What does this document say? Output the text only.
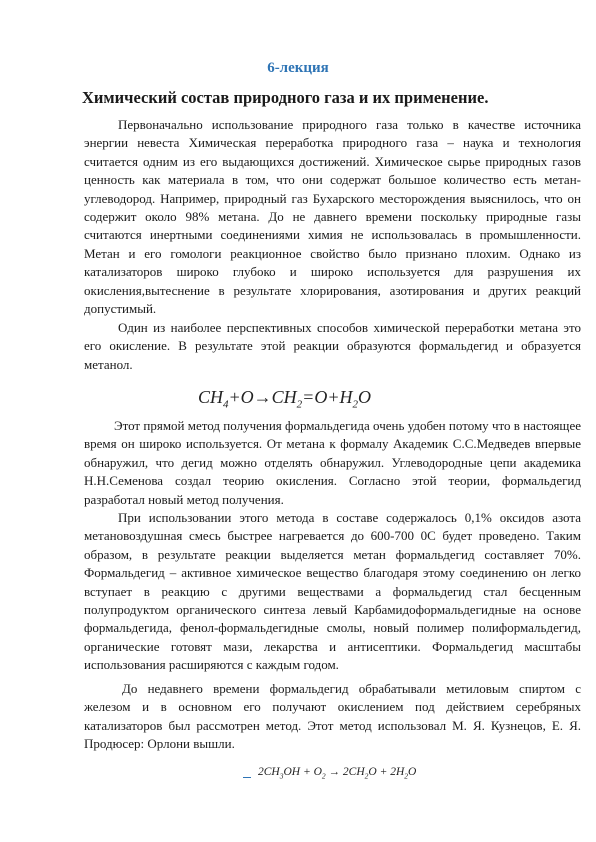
6-лекция
Химический состав природного газа и их применение.

Первоначально использование природного газа только в качестве источника энергии невеста Химическая переработка природного газа – наука и технология считается одним из его выдающихся достижений. Химическое сырье природных газов ценность как материала в том, что они содержат большое количество есть метан-углеводород. Например, природный газ Бухарского месторождения выяснилось, что он содержит около 98% метана. До не давнего времени поскольку природные газы считаются инертными соединениями химия не использовалась в промышленности. Метан и его гомологи реакционное свойство было признано плохим. Однако из катализаторов широко глубоко и широко используется для разрушения их окисления,вытеснение в результате хлорирования, азотирования и других реакций допустимый.

Один из наиболее перспективных способов химической переработки метана это его окисление. В результате этой реакции образуются формальдегид и образуется метанол.

$CH_4+O\to CH_2=O+H_2O$

Этот прямой метод получения формальдегида очень удобен потому что в настоящее время он широко используется. От метана к формалу Академик С.С.Медведев впервые обнаружил, что дегид можно отделять обнаружил. Углеводородные цепи академика Н.Н.Семенова создал теорию окисления. Согласно этой теории, формальдегид разработал новый метод получения.

При использовании этого метода в составе содержалось 0,1% оксидов азота метановоздушная смесь быстрее нагревается до 600-700 0С будет проведено. Таким образом, в результате реакции выделяется метан формальдегид составляет 70%. Формальдегид – активное химическое вещество благодаря этому соединению он легко вступает в реакцию с другими веществами а формальдегид стал бесценным полупродуктом органического синтеза левый Карбамидоформальдегидные на основе формальдегида, фенол-формальдегидные смолы, новый полимер полиформальдегид, органические готовят мази, лекарства и антисептики. Формальдегид масштабы использования расширяются с каждым годом.

До недавнего времени формальдегид обрабатывали метиловым спиртом с железом и в основном его получают окислением под действием серебряных катализаторов был рассмотрен метод. Этот метод использовал М. Я. Кузнецов, Е. Я. Продюсер: Орлони вышли.

$2CH_3OH + O_2 \to 2CH_2O + 2H_2O$
